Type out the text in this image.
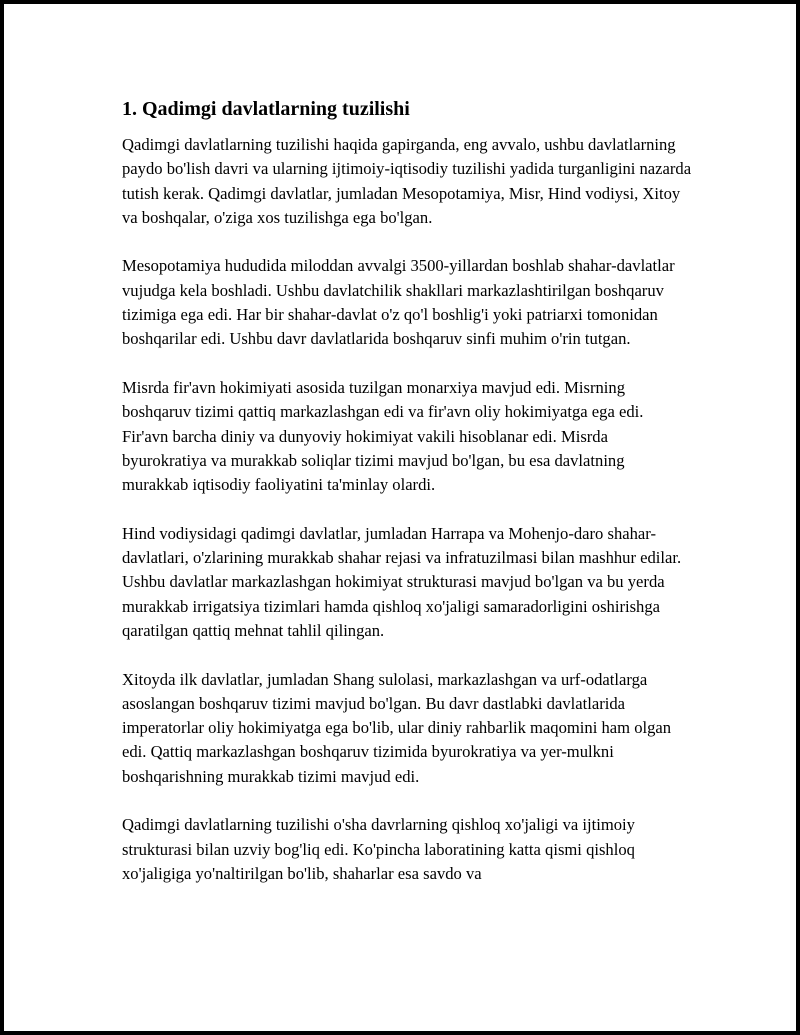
1. Qadimgi davlatlarning tuzilishi

Qadimgi davlatlarning tuzilishi haqida gapirganda, eng avvalo, ushbu davlatlarning paydo bo'lish davri va ularning ijtimoiy-iqtisodiy tuzilishi yadida turganligini nazarda tutish kerak. Qadimgi davlatlar, jumladan Mesopotamiya, Misr, Hind vodiysi, Xitoy va boshqalar, o'ziga xos tuzilishga ega bo'lgan.

Mesopotamiya hududida miloddan avvalgi 3500-yillardan boshlab shahar-davlatlar vujudga kela boshladi. Ushbu davlatchilik shakllari markazlashtirilgan boshqaruv tizimiga ega edi. Har bir shahar-davlat o'z qo'l boshlig'i yoki patriarxi tomonidan boshqarilar edi. Ushbu davr davlatlarida boshqaruv sinfi muhim o'rin tutgan.

Misrda fir'avn hokimiyati asosida tuzilgan monarxiya mavjud edi. Misrning boshqaruv tizimi qattiq markazlashgan edi va fir'avn oliy hokimiyatga ega edi. Fir'avn barcha diniy va dunyoviy hokimiyat vakili hisoblanar edi. Misrda byurokratiya va murakkab soliqlar tizimi mavjud bo'lgan, bu esa davlatning murakkab iqtisodiy faoliyatini ta'minlay olardi.

Hind vodiysidagi qadimgi davlatlar, jumladan Harrapa va Mohenjo-daro shahar-davlatlari, o'zlarining murakkab shahar rejasi va infratuzilmasi bilan mashhur edilar. Ushbu davlatlar markazlashgan hokimiyat strukturasi mavjud bo'lgan va bu yerda murakkab irrigatsiya tizimlari hamda qishloq xo'jaligi samaradorligini oshirishga qaratilgan qattiq mehnat tahlil qilingan.

Xitoyda ilk davlatlar, jumladan Shang sulolasi, markazlashgan va urf-odatlarga asoslangan boshqaruv tizimi mavjud bo'lgan. Bu davr dastlabki davlatlarida imperatorlar oliy hokimiyatga ega bo'lib, ular diniy rahbarlik maqomini ham olgan edi. Qattiq markazlashgan boshqaruv tizimida byurokratiya va yer-mulkni boshqarishning murakkab tizimi mavjud edi.

Qadimgi davlatlarning tuzilishi o'sha davrlarning qishloq xo'jaligi va ijtimoiy strukturasi bilan uzviy bog'liq edi. Ko'pincha laboratining katta qismi qishloq xo'jaligiga yo'naltirilgan bo'lib, shaharlar esa savdo va
